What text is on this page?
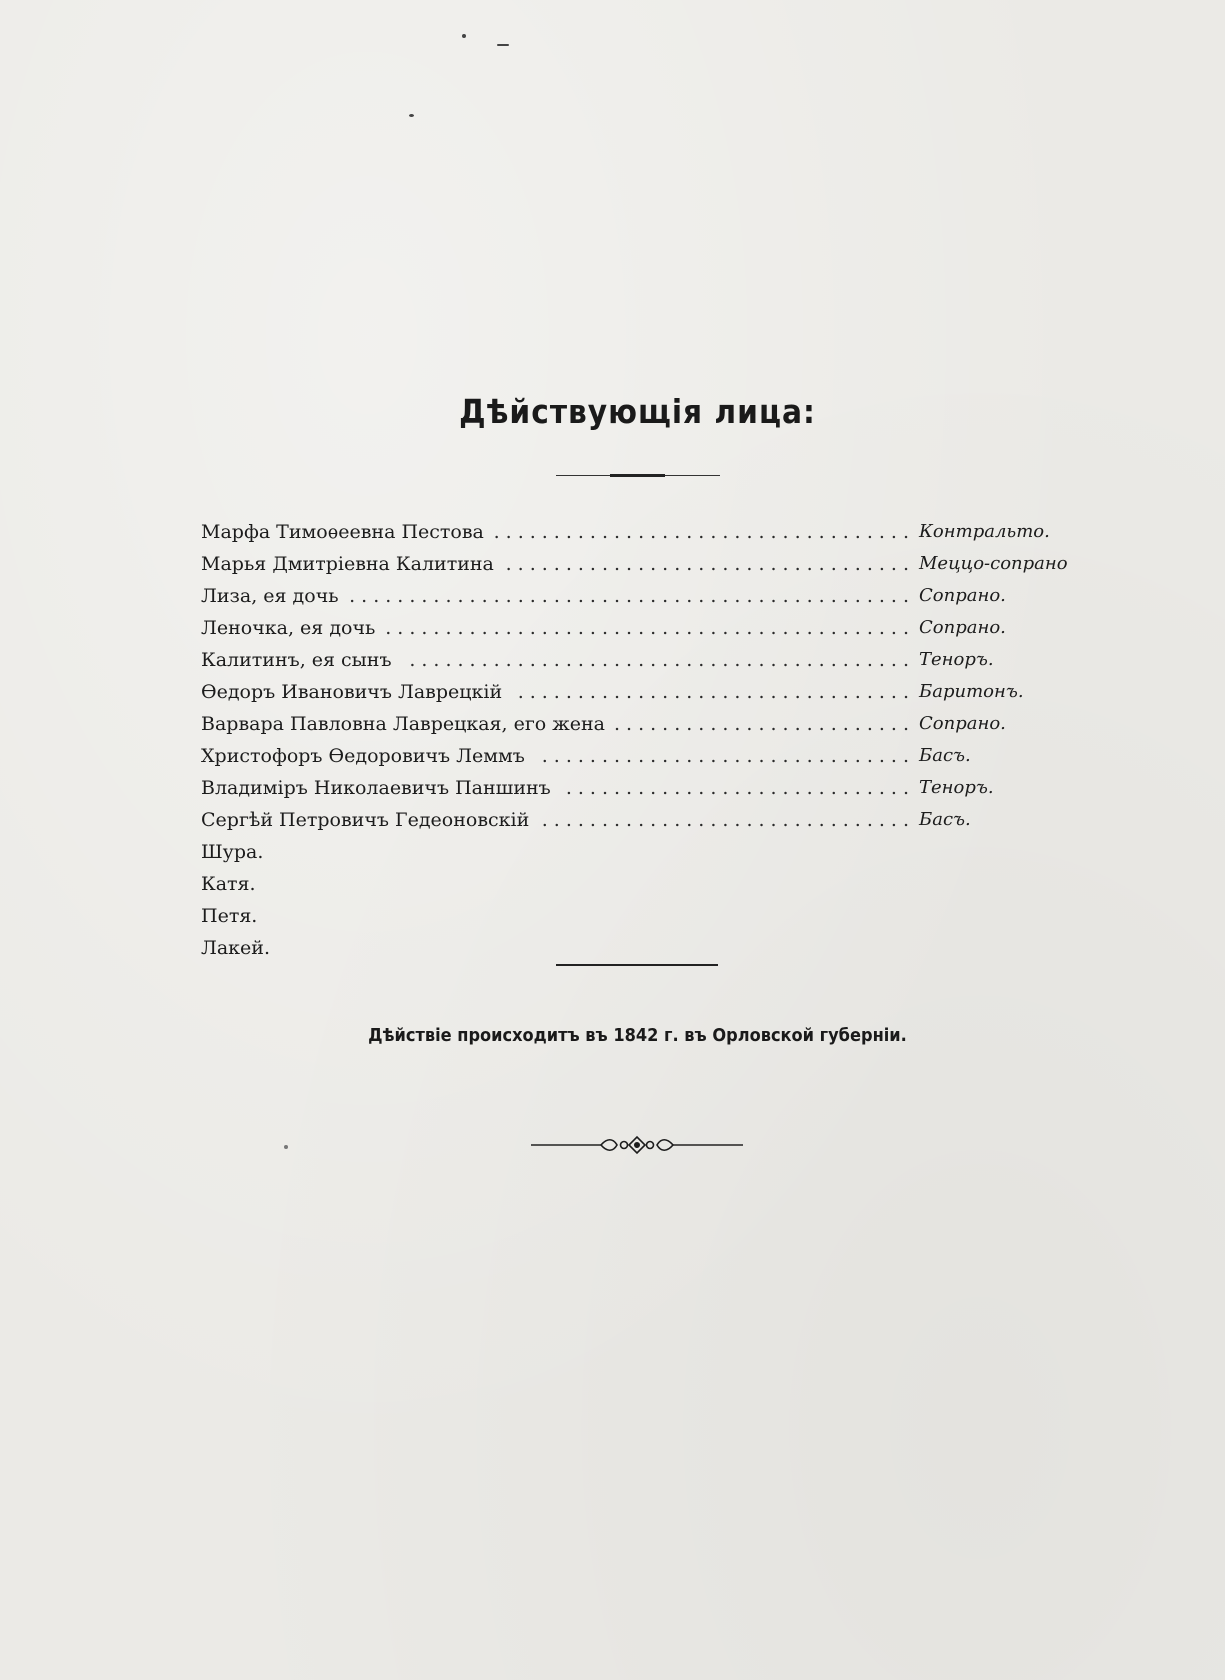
Дѣйствующія лица:
Марфа Тимоѳеевна Пестова	Контральто.
...................................
Марья Дмитріевна Калитина	Меццо-сопрано
..................................
Лиза, ея дочь	Сопрано.
...............................................
Леночка, ея дочь	Сопрано.
............................................
Калитинъ, ея сынъ	Теноръ.
..........................................
Ѳедоръ Ивановичъ Лаврецкій	Баритонъ.
.................................
Варвара Павловна Лаврецкая, его жена	Сопрано.
.........................
Христофоръ Ѳедоровичъ Леммъ	Басъ.
...............................
Владиміръ Николаевичъ Паншинъ	Теноръ.
.............................
Сергѣй Петровичъ Гедеоновскій	Басъ.
...............................
Шура.
Катя.
Петя.
Лакей.
Дѣйствіе происходитъ въ 1842 г. въ Орловской губерніи.
